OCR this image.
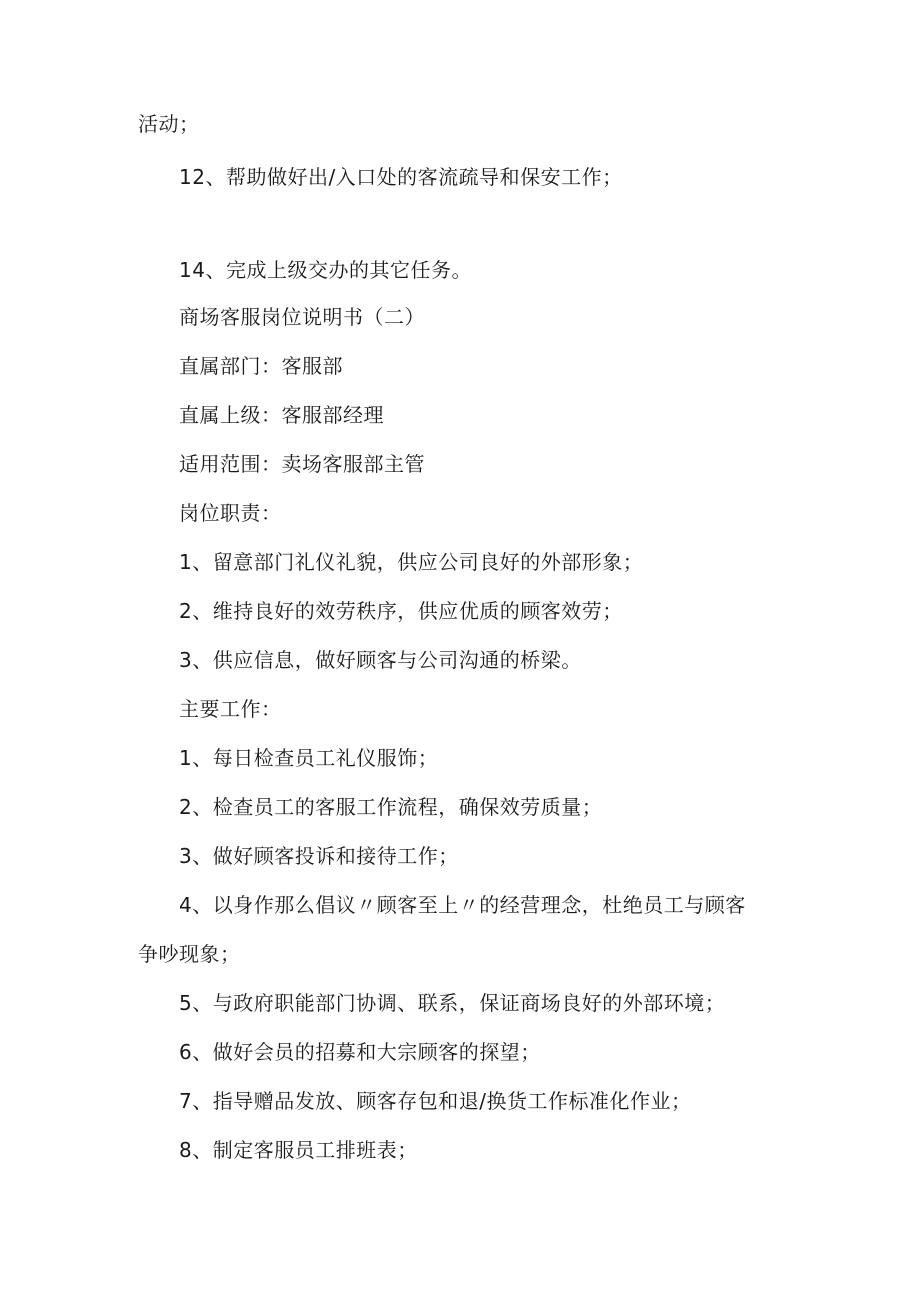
活动；
12、帮助做好出/入口处的客流疏导和保安工作；
14、完成上级交办的其它任务。
商场客服岗位说明书（二）
直属部门：客服部
直属上级：客服部经理
适用范围：卖场客服部主管
岗位职责：
1、留意部门礼仪礼貌，供应公司良好的外部形象；
2、维持良好的效劳秩序，供应优质的顾客效劳；
3、供应信息，做好顾客与公司沟通的桥梁。
主要工作：
1、每日检查员工礼仪服饰；
2、检查员工的客服工作流程，确保效劳质量；
3、做好顾客投诉和接待工作；
4、以身作那么倡议〃顾客至上〃的经营理念，杜绝员工与顾客
争吵现象；
5、与政府职能部门协调、联系，保证商场良好的外部环境；
6、做好会员的招募和大宗顾客的探望；
7、指导赠品发放、顾客存包和退/换货工作标准化作业；
8、制定客服员工排班表；
